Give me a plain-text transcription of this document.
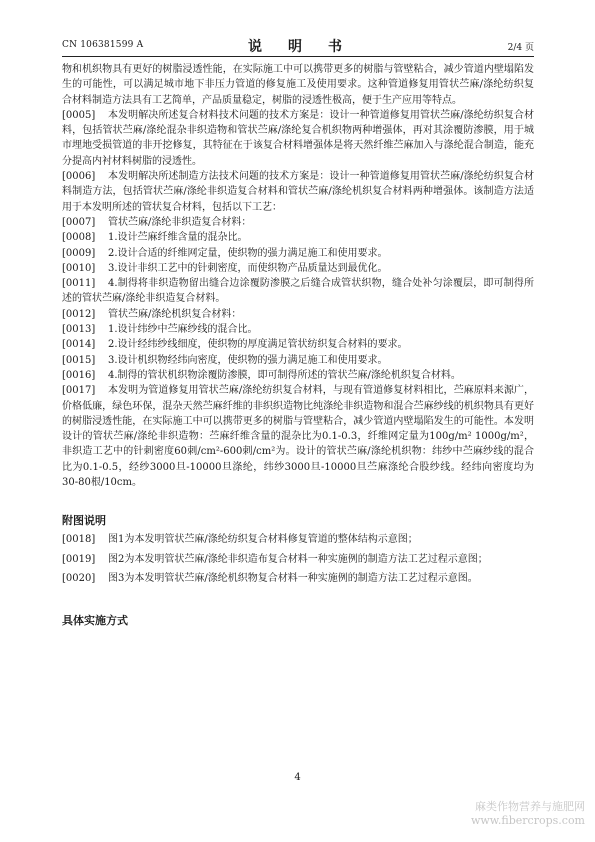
CN 106381599 A	说　明　书	2/4 页

物和机织物具有更好的树脂浸透性能，在实际施工中可以携带更多的树脂与管壁粘合，减少管道内壁塌陷发生的可能性，可以满足城市地下非压力管道的修复施工及使用要求。这种管道修复用管状苎麻/涤纶纺织复合材料制造方法具有工艺简单，产品质量稳定，树脂的浸透性极高，便于生产应用等特点。

[0005] 本发明解决所述复合材料技术问题的技术方案是：设计一种管道修复用管状苎麻/涤纶纺织复合材料，包括管状苎麻/涤纶混杂非织造物和管状苎麻/涤纶复合机织物两种增强体，再对其涂覆防渗膜，用于城市埋地受损管道的非开挖修复，其特征在于该复合材料增强体是将天然纤维苎麻加入与涤纶混合制造，能充分提高内衬材料树脂的浸透性。

[0006] 本发明解决所述制造方法技术问题的技术方案是：设计一种管道修复用管状苎麻/涤纶纺织复合材料制造方法，包括管状苎麻/涤纶非织造复合材料和管状苎麻/涤纶机织复合材料两种增强体。该制造方法适用于本发明所述的管状复合材料，包括以下工艺：

[0007] 管状苎麻/涤纶非织造复合材料：

[0008] 1.设计苎麻纤维含量的混杂比。

[0009] 2.设计合适的纤维网定量，使织物的强力满足施工和使用要求。

[0010] 3.设计非织工艺中的针刺密度，而使织物产品质量达到最优化。

[0011] 4.制得将非织造物留出缝合边涂覆防渗膜之后缝合成管状织物，缝合处补匀涂覆层，即可制得所述的管状苎麻/涤纶非织造复合材料。

[0012] 管状苎麻/涤纶机织复合材料：

[0013] 1.设计纬纱中苎麻纱线的混合比。

[0014] 2.设计经纬纱线细度，使织物的厚度满足管状纺织复合材料的要求。

[0015] 3.设计机织物经纬向密度，使织物的强力满足施工和使用要求。

[0016] 4.制得的管状机织物涂覆防渗膜，即可制得所述的管状苎麻/涤纶机织复合材料。

[0017] 本发明为管道修复用管状苎麻/涤纶纺织复合材料，与现有管道修复材料相比，苎麻原料来源广，价格低廉，绿色环保，混杂天然苎麻纤维的非织织造物比纯涤纶非织造物和混合苎麻纱线的机织物具有更好的树脂浸透性能，在实际施工中可以携带更多的树脂与管壁粘合，减少管道内壁塌陷发生的可能性。本发明设计的管状苎麻/涤纶非织造物：苎麻纤维含量的混杂比为0.1-0.3，纤维网定量为100g/m² 1000g/m²，非织造工艺中的针刺密度60刺/cm²-600刺/cm²为。设计的管状苎麻/涤纶机织物：纬纱中苎麻纱线的混合比为0.1-0.5，经纱3000旦-10000旦涤纶，纬纱3000旦-10000旦苎麻涤纶合股纱线。经纬向密度均为30-80根/10cm。

附图说明

[0018] 图1为本发明管状苎麻/涤纶纺织复合材料修复管道的整体结构示意图；

[0019] 图2为本发明管状苎麻/涤纶非织造布复合材料一种实施例的制造方法工艺过程示意图；

[0020] 图3为本发明管状苎麻/涤纶机织物复合材料一种实施例的制造方法工艺过程示意图。

具体实施方式

4
麻类作物营养与施肥网
www.fibercrops.com
